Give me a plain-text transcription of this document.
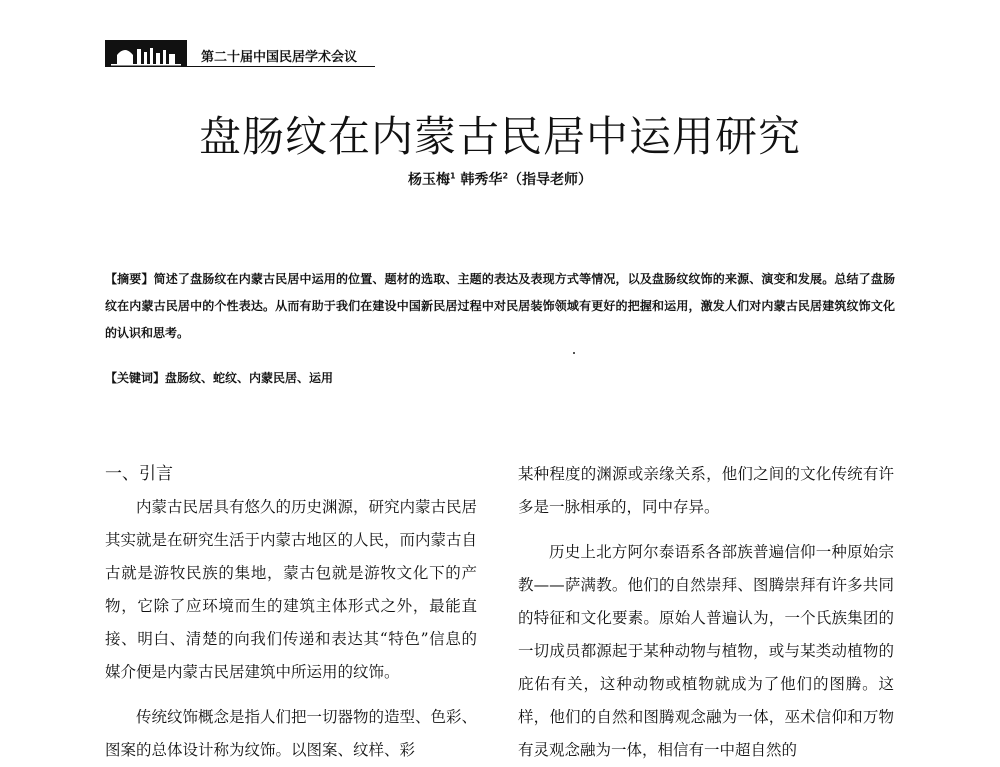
第二十届中国民居学术会议
盘肠纹在内蒙古民居中运用研究
杨玉梅$^1$ 韩秀华$^2$（指导老师）

【摘要】简述了盘肠纹在内蒙古民居中运用的位置、题材的选取、主题的表达及表现方式等情况，以及盘肠纹纹饰的来源、演变和发展。总结了盘肠纹在内蒙古民居中的个性表达。从而有助于我们在建设中国新民居过程中对民居装饰领域有更好的把握和运用，激发人们对内蒙古民居建筑纹饰文化的认识和思考。

【关键词】盘肠纹、蛇纹、内蒙民居、运用

一、引言

内蒙古民居具有悠久的历史渊源，研究内蒙古民居其实就是在研究生活于内蒙古地区的人民，而内蒙古自古就是游牧民族的集地，蒙古包就是游牧文化下的产物，它除了应环境而生的建筑主体形式之外，最能直接、明白、清楚的向我们传递和表达其“特色”信息的媒介便是内蒙古民居建筑中所运用的纹饰。

传统纹饰概念是指人们把一切器物的造型、色彩、图案的总体设计称为纹饰。以图案、纹样、彩

某种程度的渊源或亲缘关系，他们之间的文化传统有许多是一脉相承的，同中存异。

历史上北方阿尔泰语系各部族普遍信仰一种原始宗教——萨满教。他们的自然崇拜、图腾崇拜有许多共同的特征和文化要素。原始人普遍认为，一个氏族集团的一切成员都源起于某种动物与植物，或与某类动植物的庇佑有关，这种动物或植物就成为了他们的图腾。这样，他们的自然和图腾观念融为一体，巫术信仰和万物有灵观念融为一体，相信有一中超自然的
